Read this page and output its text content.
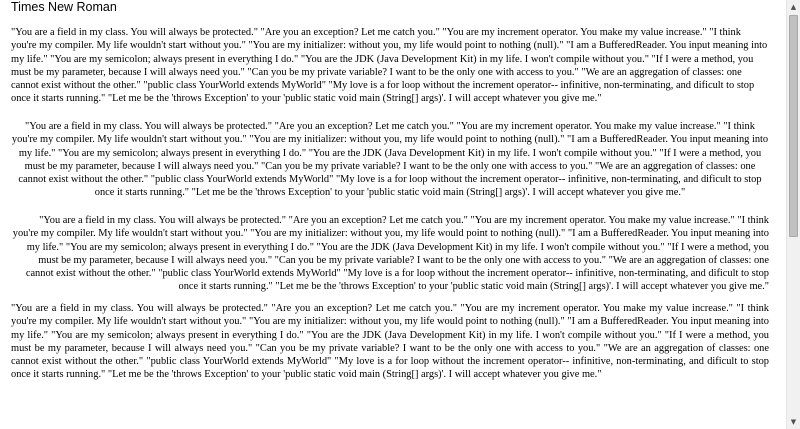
Times New Roman

"You are a field in my class. You will always be protected." "Are you an exception? Let me catch you." "You are my increment operator. You make my value increase." "I think you're my compiler. My life wouldn't start without you." "You are my initializer: without you, my life would point to nothing (null)." "I am a BufferedReader. You input meaning into my life." "You are my semicolon; always present in everything I do." "You are the JDK (Java Development Kit) in my life. I won't compile without you." "If I were a method, you must be my parameter, because I will always need you." "Can you be my private variable? I want to be the only one with access to you." "We are an aggregation of classes: one cannot exist without the other." "public class YourWorld extends MyWorld" "My love is a for loop without the increment operator-- infinitive, non-terminating, and dificult to stop once it starts running." "Let me be the 'throws Exception' to your 'public static void main (String[] args)'. I will accept whatever you give me."

"You are a field in my class. You will always be protected." "Are you an exception? Let me catch you." "You are my increment operator. You make my value increase." "I think you're my compiler. My life wouldn't start without you." "You are my initializer: without you, my life would point to nothing (null)." "I am a BufferedReader. You input meaning into my life." "You are my semicolon; always present in everything I do." "You are the JDK (Java Development Kit) in my life. I won't compile without you." "If I were a method, you must be my parameter, because I will always need you." "Can you be my private variable? I want to be the only one with access to you." "We are an aggregation of classes: one cannot exist without the other." "public class YourWorld extends MyWorld" "My love is a for loop without the increment operator-- infinitive, non-terminating, and dificult to stop once it starts running." "Let me be the 'throws Exception' to your 'public static void main (String[] args)'. I will accept whatever you give me."

"You are a field in my class. You will always be protected." "Are you an exception? Let me catch you." "You are my increment operator. You make my value increase." "I think you're my compiler. My life wouldn't start without you." "You are my initializer: without you, my life would point to nothing (null)." "I am a BufferedReader. You input meaning into my life." "You are my semicolon; always present in everything I do." "You are the JDK (Java Development Kit) in my life. I won't compile without you." "If I were a method, you must be my parameter, because I will always need you." "Can you be my private variable? I want to be the only one with access to you." "We are an aggregation of classes: one cannot exist without the other." "public class YourWorld extends MyWorld" "My love is a for loop without the increment operator-- infinitive, non-terminating, and dificult to stop once it starts running." "Let me be the 'throws Exception' to your 'public static void main (String[] args)'. I will accept whatever you give me."

"You are a field in my class. You will always be protected." "Are you an exception? Let me catch you." "You are my increment operator. You make my value increase." "I think you're my compiler. My life wouldn't start without you." "You are my initializer: without you, my life would point to nothing (null)." "I am a BufferedReader. You input meaning into my life." "You are my semicolon; always present in everything I do." "You are the JDK (Java Development Kit) in my life. I won't compile without you." "If I were a method, you must be my parameter, because I will always need you." "Can you be my private variable? I want to be the only one with access to you." "We are an aggregation of classes: one cannot exist without the other." "public class YourWorld extends MyWorld" "My love is a for loop without the increment operator-- infinitive, non-terminating, and dificult to stop once it starts running." "Let me be the 'throws Exception' to your 'public static void main (String[] args)'. I will accept whatever you give me."

▲
▼
